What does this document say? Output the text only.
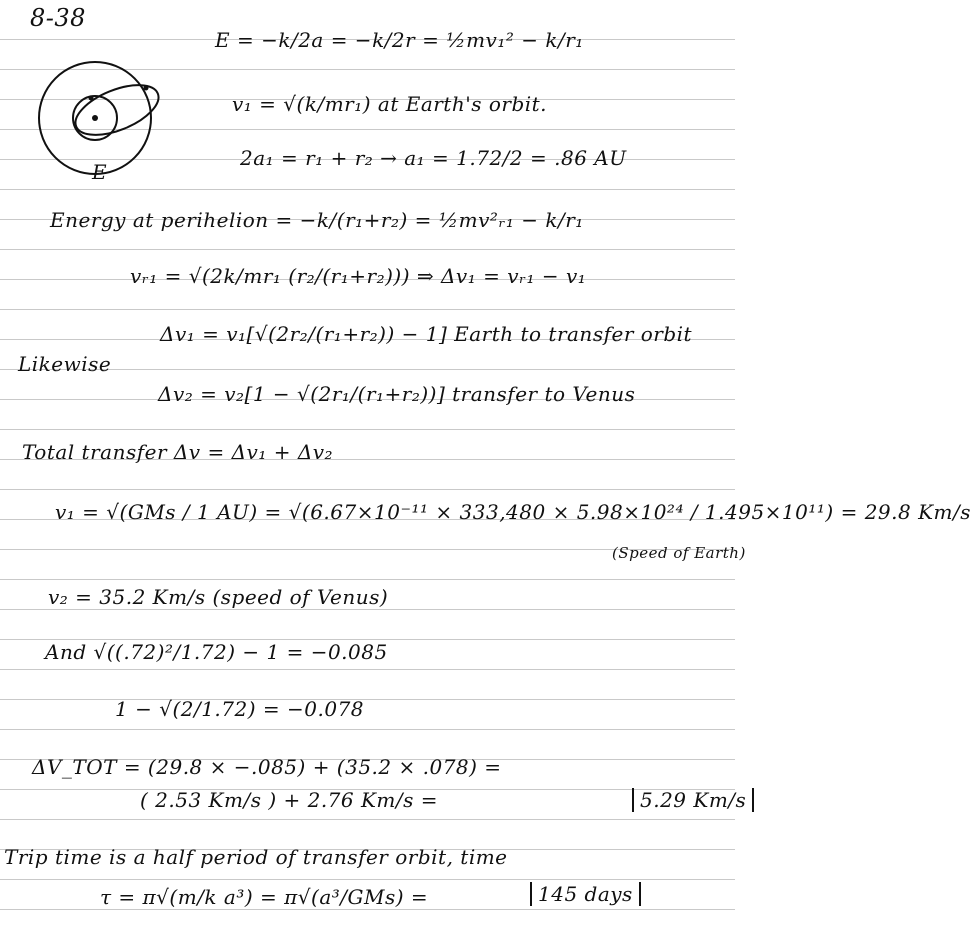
E
8-38
E = −k/2a = −k/2r = ½mv₁² − k/r₁
v₁ = √(k/mr₁) at Earth's orbit.
2a₁ = r₁ + r₂ → a₁ = 1.72/2 = .86 AU
Energy at perihelion = −k/(r₁+r₂) = ½mv²ᵣ₁ − k/r₁
vᵣ₁ = √(2k/mr₁ (r₂/(r₁+r₂))) ⇒ Δv₁ = vᵣ₁ − v₁
Δv₁ = v₁[√(2r₂/(r₁+r₂)) − 1] Earth to transfer orbit
Likewise
Δv₂ = v₂[1 − √(2r₁/(r₁+r₂))] transfer to Venus
Total transfer Δv = Δv₁ + Δv₂
v₁ = √(GMs / 1 AU) = √(6.67×10⁻¹¹ × 333,480 × 5.98×10²⁴ / 1.495×10¹¹) = 29.8 Km/s
(Speed of Earth)
v₂ = 35.2 Km/s (speed of Venus)
And √((.72)²/1.72) − 1 = −0.085
1 − √(2/1.72) = −0.078
ΔV_TOT = (29.8 × −.085) + (35.2 × .078) =
( 2.53 Km/s ) + 2.76 Km/s =	5.29 Km/s
Trip time is a half period of transfer orbit, time
τ = π√(m/k a³) = π√(a³/GMs) =	145 days
